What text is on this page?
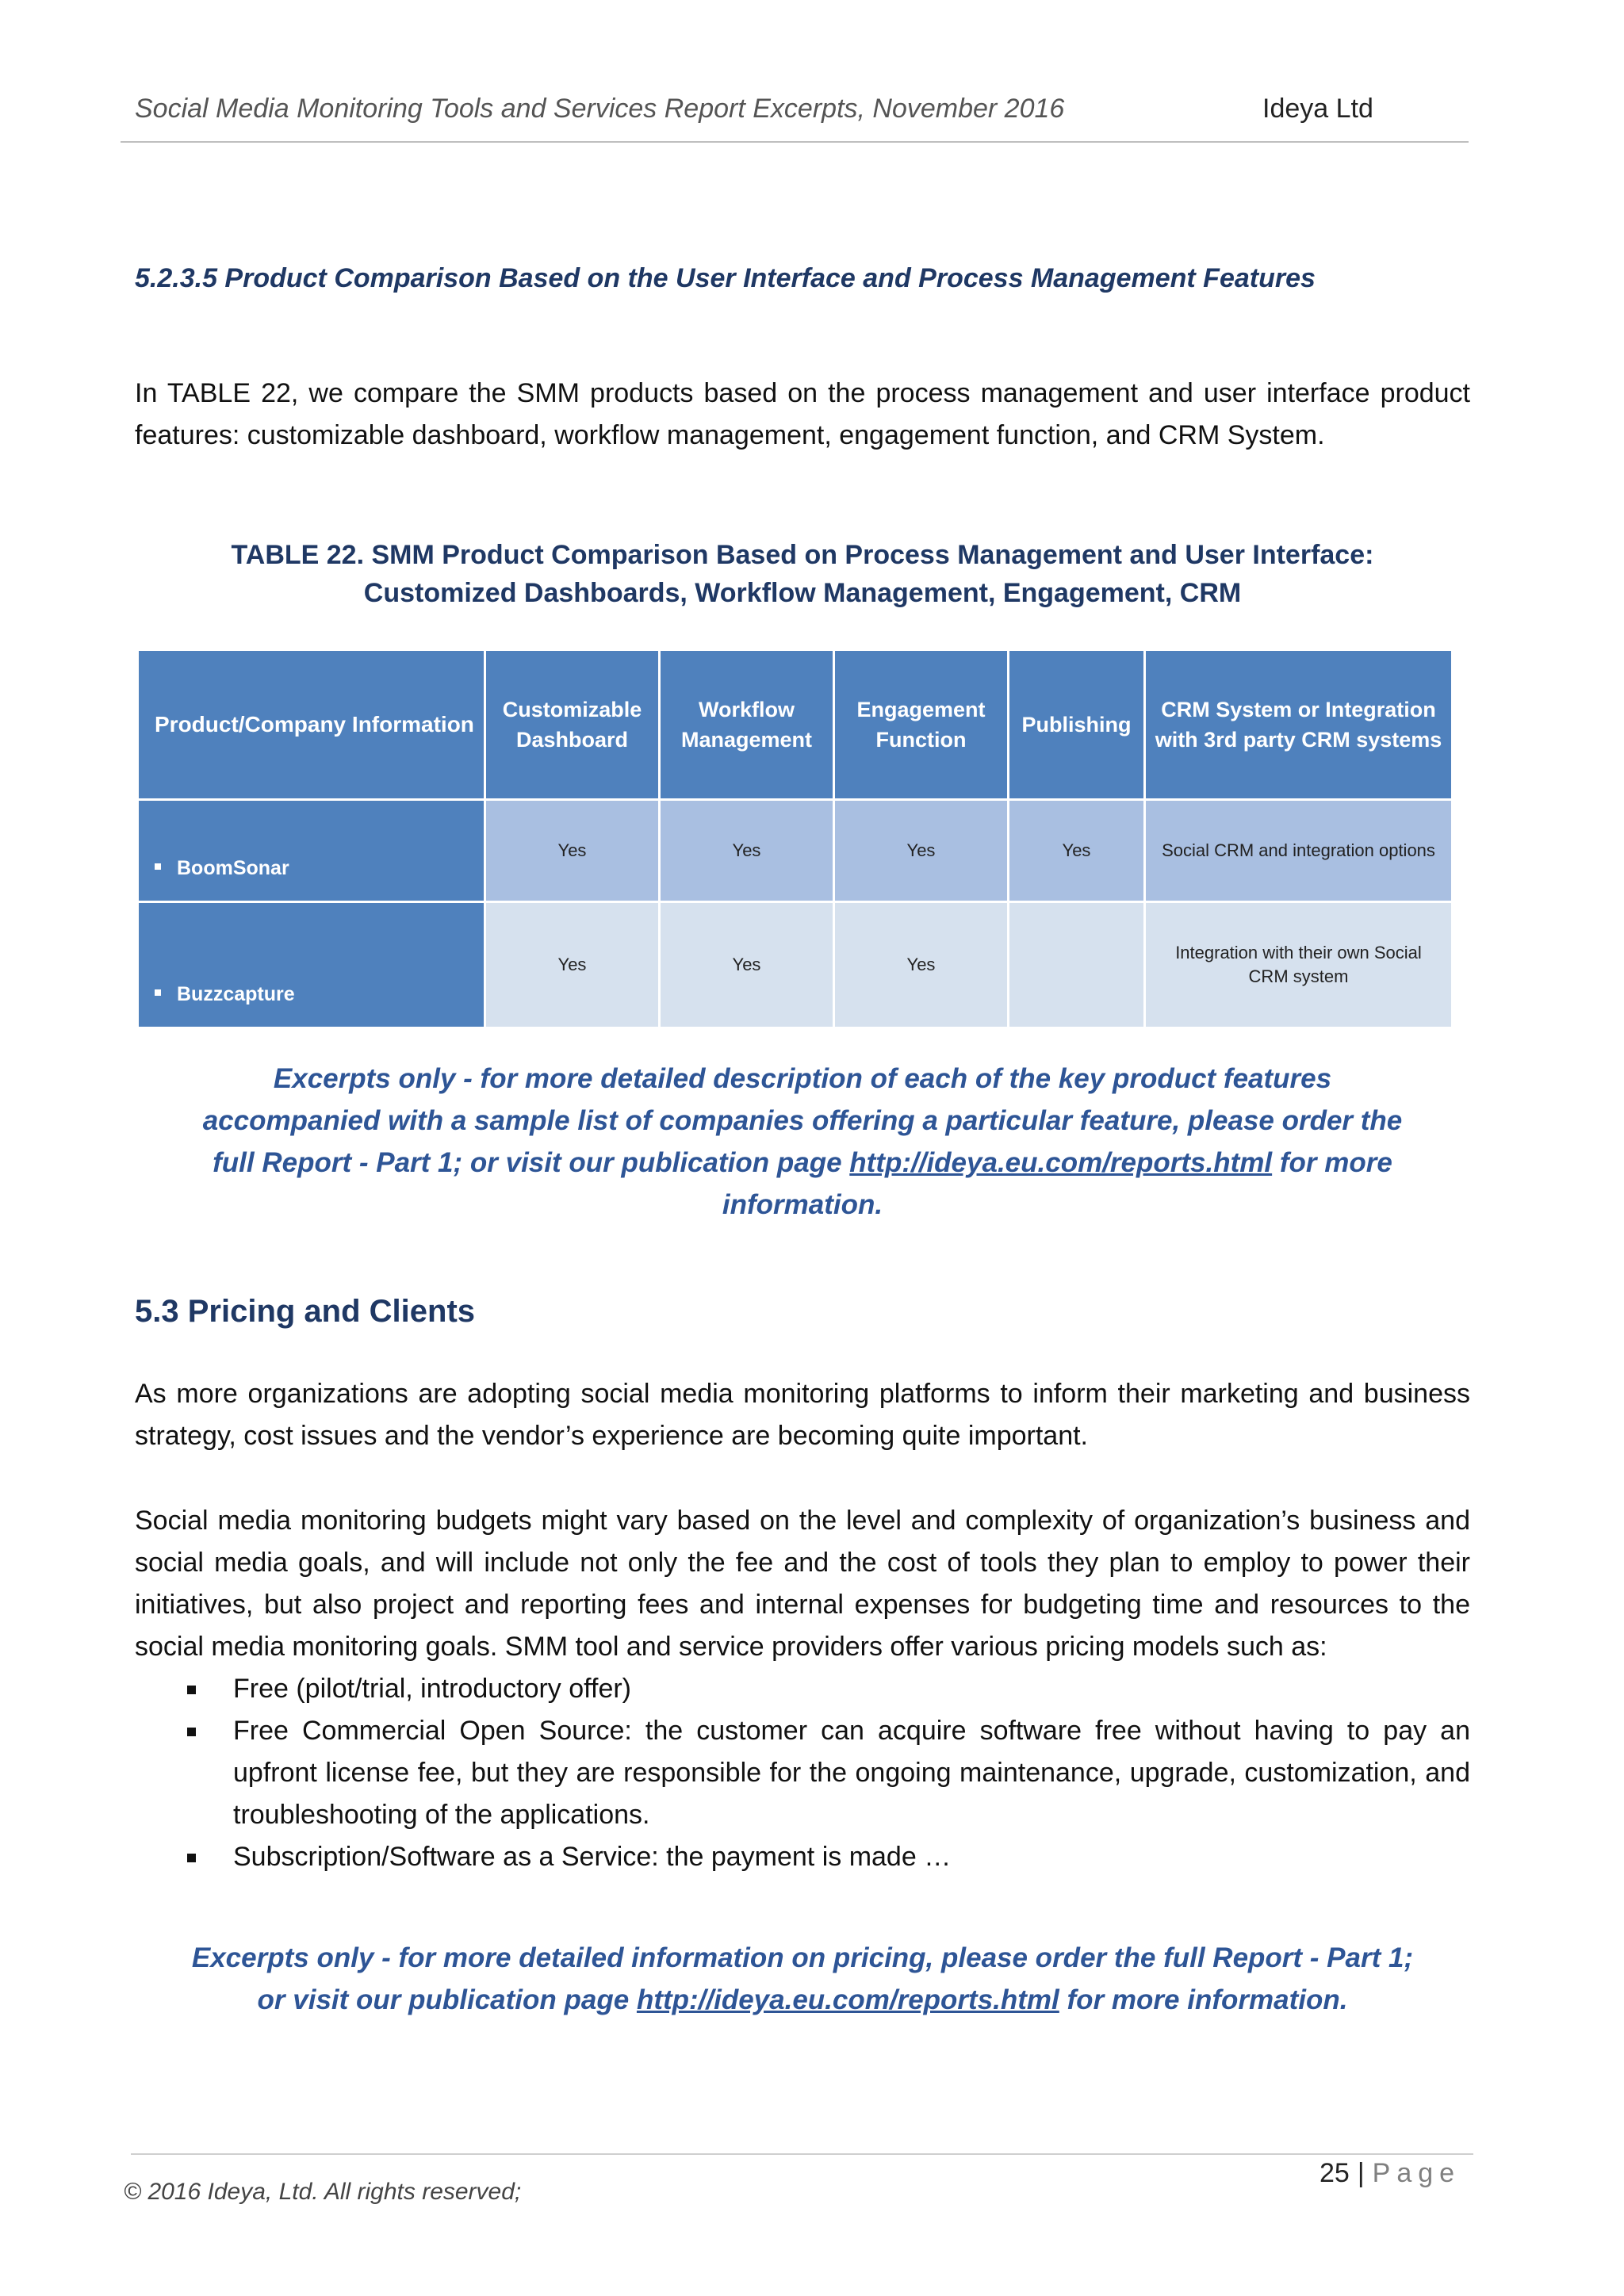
Social Media Monitoring Tools and Services Report Excerpts, November 2016	Ideya Ltd
5.2.3.5 Product Comparison Based on the User Interface and Process Management Features
In TABLE 22, we compare the SMM products based on the process management and user interface product features: customizable dashboard, workflow management, engagement function, and CRM System.
TABLE 22. SMM Product Comparison Based on Process Management and User Interface:
Customized Dashboards, Workflow Management, Engagement, CRM
Product/Company Information	Customizable Dashboard	Workflow Management	Engagement Function	Publishing	CRM System or Integration with 3rd party CRM systems
BoomSonar	Yes	Yes	Yes	Yes	Social CRM and integration options
Buzzcapture	Yes	Yes	Yes		Integration with their own Social CRM system
Excerpts only - for more detailed description of each of the key product features accompanied with a sample list of companies offering a particular feature, please order the full Report - Part 1; or visit our publication page http://ideya.eu.com/reports.html for more information.
5.3 Pricing and Clients
As more organizations are adopting social media monitoring platforms to inform their marketing and business strategy, cost issues and the vendor’s experience are becoming quite important.
Social media monitoring budgets might vary based on the level and complexity of organization’s business and social media goals, and will include not only the fee and the cost of tools they plan to employ to power their initiatives, but also project and reporting fees and internal expenses for budgeting time and resources to the social media monitoring goals. SMM tool and service providers offer various pricing models such as:
Free (pilot/trial, introductory offer)
Free Commercial Open Source: the customer can acquire software free without having to pay an upfront license fee, but they are responsible for the ongoing maintenance, upgrade, customization, and troubleshooting of the applications.
Subscription/Software as a Service: the payment is made …
Excerpts only - for more detailed information on pricing, please order the full Report - Part 1; or visit our publication page http://ideya.eu.com/reports.html for more information.
© 2016 Ideya, Ltd. All rights reserved;
25 | Page
